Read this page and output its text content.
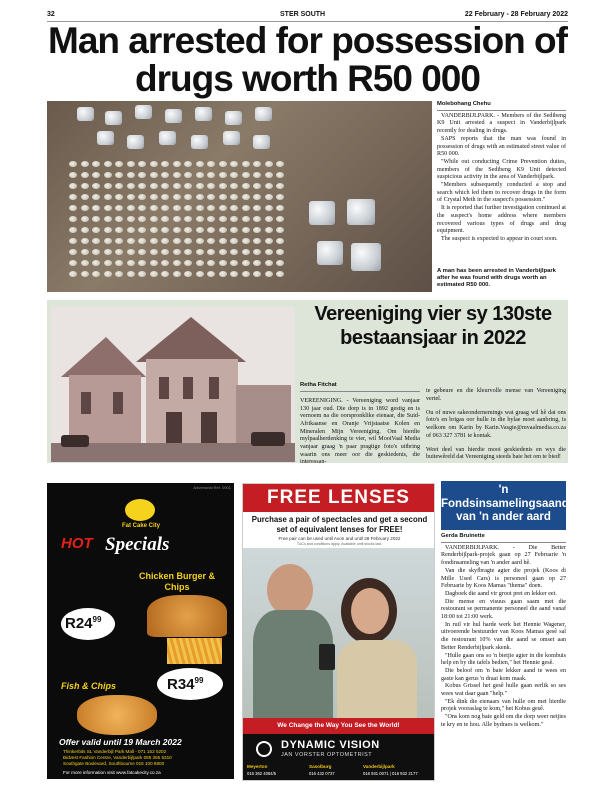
32	STER SOUTH	22 February - 28 February 2022
Man arrested for possession of drugs worth R50 000
Molebohang Chehu

VANDERBIJLPARK. - Members of the Sedibeng K9 Unit arrested a suspect in Vanderbijlpark recently for dealing in drugs.

SAPS reports that the man was found in possession of drugs with an estimated street value of R50 000.

"While out conducting Crime Prevention duties, members of the Sedibeng K9 Unit detected suspicious activity in the area of Vanderbijlpark.

"Members subsequently conducted a stop and search which led them to recover drugs in the form of Crystal Meth in the suspect's possession."

It is reported that further investigation continued at the suspect's home address where members recovered various types of drugs and drug equipment.

The suspect is expected to appear in court soon.

A man has been arrested in Vanderbijlpark after he was found with drugs worth an estimated R50 000.
Vereeniging vier sy 130ste bestaansjaar in 2022
Retha Fitchat

VEREENIGING. - Vereeniging word vanjaar 130 jaar oud. Die dorp is in 1892 gestig en is vernoem na die oorspronklike eienaar, die Suid-Afrikaanse en Oranje Vrijstaatse Kolen en Mineralen Mijn Vereeniging. Om hierdie mylpaalherdenking te vier, wil MooiVaal Media vanjaar graag 'n paar pragtige foto's uitbring waarin ons meer oor die geskiedenis, die interessan-

te gebeure en die kleurvolle mense van Vereeniging vertel.

Ou of nuwe sakeondernemings wat graag wil hê dat ons foto's en brigas oor hulle in die bylae moet aanbring, is welkom om Karin by Karin.Vasgie@mvaalmedia.co.za of 063 327 3781 te kontak.

Weet deel van hierdie mooi geskiedenis en wys die buitewêreld dat Vereeniging steeds baie het om te bied!

Advertorial Ref. 0001
Fat Cake City
HOT Specials
Chicken Burger & Chips
$R24^{99}$
$R34^{99}$
Fish & Chips
Offer valid until 19 March 2022
Thinkerbits SL Vanderbijl Park Mall - 071 152 5202
Bidvest Fashion Centre, Vanderbijlpark 085 365 5310
Southgate Boulevard, Southbourne 016 100 8800
For more information visit www.fatcakecity.co.za
FREE LENSES
Purchase a pair of spectacles and get a second set of equivalent lenses for FREE!
Free pair can be used until Avon and until 28 February 2022
T&Cs and conditions apply. Available until stocks last.
We Change the Way You See the World!
DYNAMIC VISION
JAN VORSTER OPTOMETRIST
Meyerton
016 362 4084/5
Sasolburg
016 432 0737
Vanderbijlpark
016 931 0071 | 016 932 2177
'n Fondsinsamelingsaand van 'n ander aard
Gerda Bruinette

VANDERBIJLPARK. - Die Better Renderbijlpark-projek gaan op 27 Februarie 'n fondinsameling van 'n ander aard hê.

Van die skyfbragte agter die projek (Koos di Mille Used Cars) is personeel gaan op 27 Februarie by Koos Mamas "thema" doen.

Dagboek die aand vir groot pret en lekker eet.

Die mense en visuus gaan saam met die restourant se permanente personeel die aand vanaf 18:00 tot 21:00 werk.

In ruil vir hul harde werk het Hennie Wagener, uitvoerende bestuurder van Koos Mamas gesê sal die restourant 10% van die aand se omset aan Better Renderbijlpark skenk.

"Hulle gaan ons so 'n bietjie agter in die kombuis help en by die tafels bedien," het Hennie gesê.

Die beloof om 'n baie lekker aand te wees en gaste kan gerus 'n draai kom maak.

Kobus Grissel het gesê hulle gaan eerlik so ses wees wat daar gaan "help."

"Ek dink die eienaars van hulle om met hierdie projek vooraslag te kom," het Kobus gesê.

"Ons kom nog baie geld om die dorp weer netjies te kry en te hou. Alle bydraes is welkom."
